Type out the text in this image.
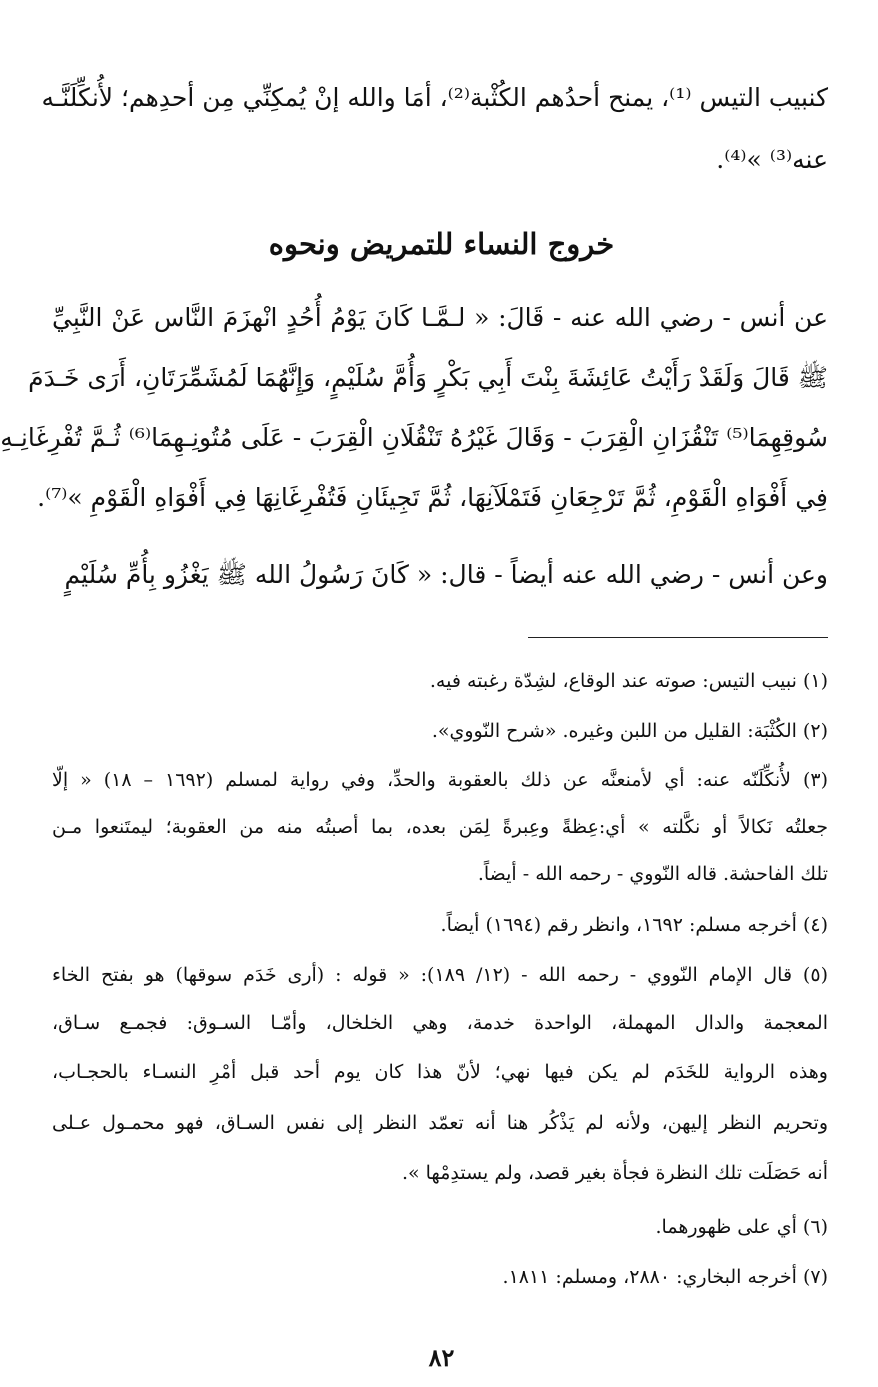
كنبيب التيس ⁽¹⁾، يمنح أحدُهم الكُثْبة⁽²⁾، أمَا والله إنْ يُمكِنِّي مِن أحدِهم؛ لأُنكِّلَنَّـه
عنه⁽³⁾ »⁽⁴⁾.
خروج النساء للتمريض ونحوه
عن أنس - رضي الله عنه - قَالَ: « لـمَّـا كَانَ يَوْمُ أُحُدٍ انْهزَمَ النَّاس عَنْ النَّبِيِّ
ﷺ قَالَ وَلَقَدْ رَأَيْتُ عَائِشَةَ بِنْتَ أَبِي بَكْرٍ وَأُمَّ سُلَيْمٍ، وَإِنَّهُمَا لَمُشَمِّرَتَانِ، أَرَى خَـدَمَ
سُوقِهِمَا⁽⁵⁾ تَنْقُزَانِ الْقِرَبَ - وَقَالَ غَيْرُهُ تَنْقُلَانِ الْقِرَبَ - عَلَى مُتُونِـهِمَا⁽⁶⁾ ثُـمَّ تُفْرِغَانِـهِ
فِي أَفْوَاهِ الْقَوْمِ، ثُمَّ تَرْجِعَانِ فَتَمْلَآنِهَا، ثُمَّ تَجِيئَانِ فَتُفْرِغَانِهَا فِي أَفْوَاهِ الْقَوْمِ »⁽⁷⁾.
وعن أنس - رضي الله عنه أيضاً - قال: « كَانَ رَسُولُ الله ﷺ يَغْزُو بِأُمِّ سُلَيْمٍ
(١) نبيب التيس: صوته عند الوقاع، لشِدّة رغبته فيه.
(٢) الكُثْبَة: القليل من اللبن وغيره. «شرح النّووي».
(٣) لأُنكِّلَنّه عنه: أي لأمنعنَّه عن ذلك بالعقوبة والحدِّ، وفي رواية لمسلم (١٦٩٢ – ١٨) « إلّا
جعلتُه نَكالاً أو نكَّلته » أي:عِظةً وعِبرةً لِمَن بعده، بما أصبتُه منه من العقوبة؛ ليمتَنعوا مـن
تلك الفاحشة. قاله النّووي - رحمه الله - أيضاً.
(٤) أخرجه مسلم: ١٦٩٢، وانظر رقم (١٦٩٤) أيضاً.
(٥) قال الإمام النّووي - رحمه الله - (١٢/ ١٨٩): « قوله : (أرى خَدَم سوقها) هو بفتح الخاء
المعجمة والدال المهملة، الواحدة خدمة، وهي الخلخال، وأمّـا السـوق: فجمـع سـاق،
وهذه الرواية للخَدَم لم يكن فيها نهي؛ لأنّ هذا كان يوم أحد قبل أمْرِ النسـاء بالحجـاب،
وتحريم النظر إليهن، ولأنه لم يَذْكُر هنا أنه تعمّد النظر إلى نفس السـاق، فهو محمـول عـلى
أنه حَصَلَت تلك النظرة فجأة بغير قصد، ولم يستدِمْها ».
(٦) أي على ظهورهما.
(٧) أخرجه البخاري: ٢٨٨٠، ومسلم: ١٨١١.
٨٢
